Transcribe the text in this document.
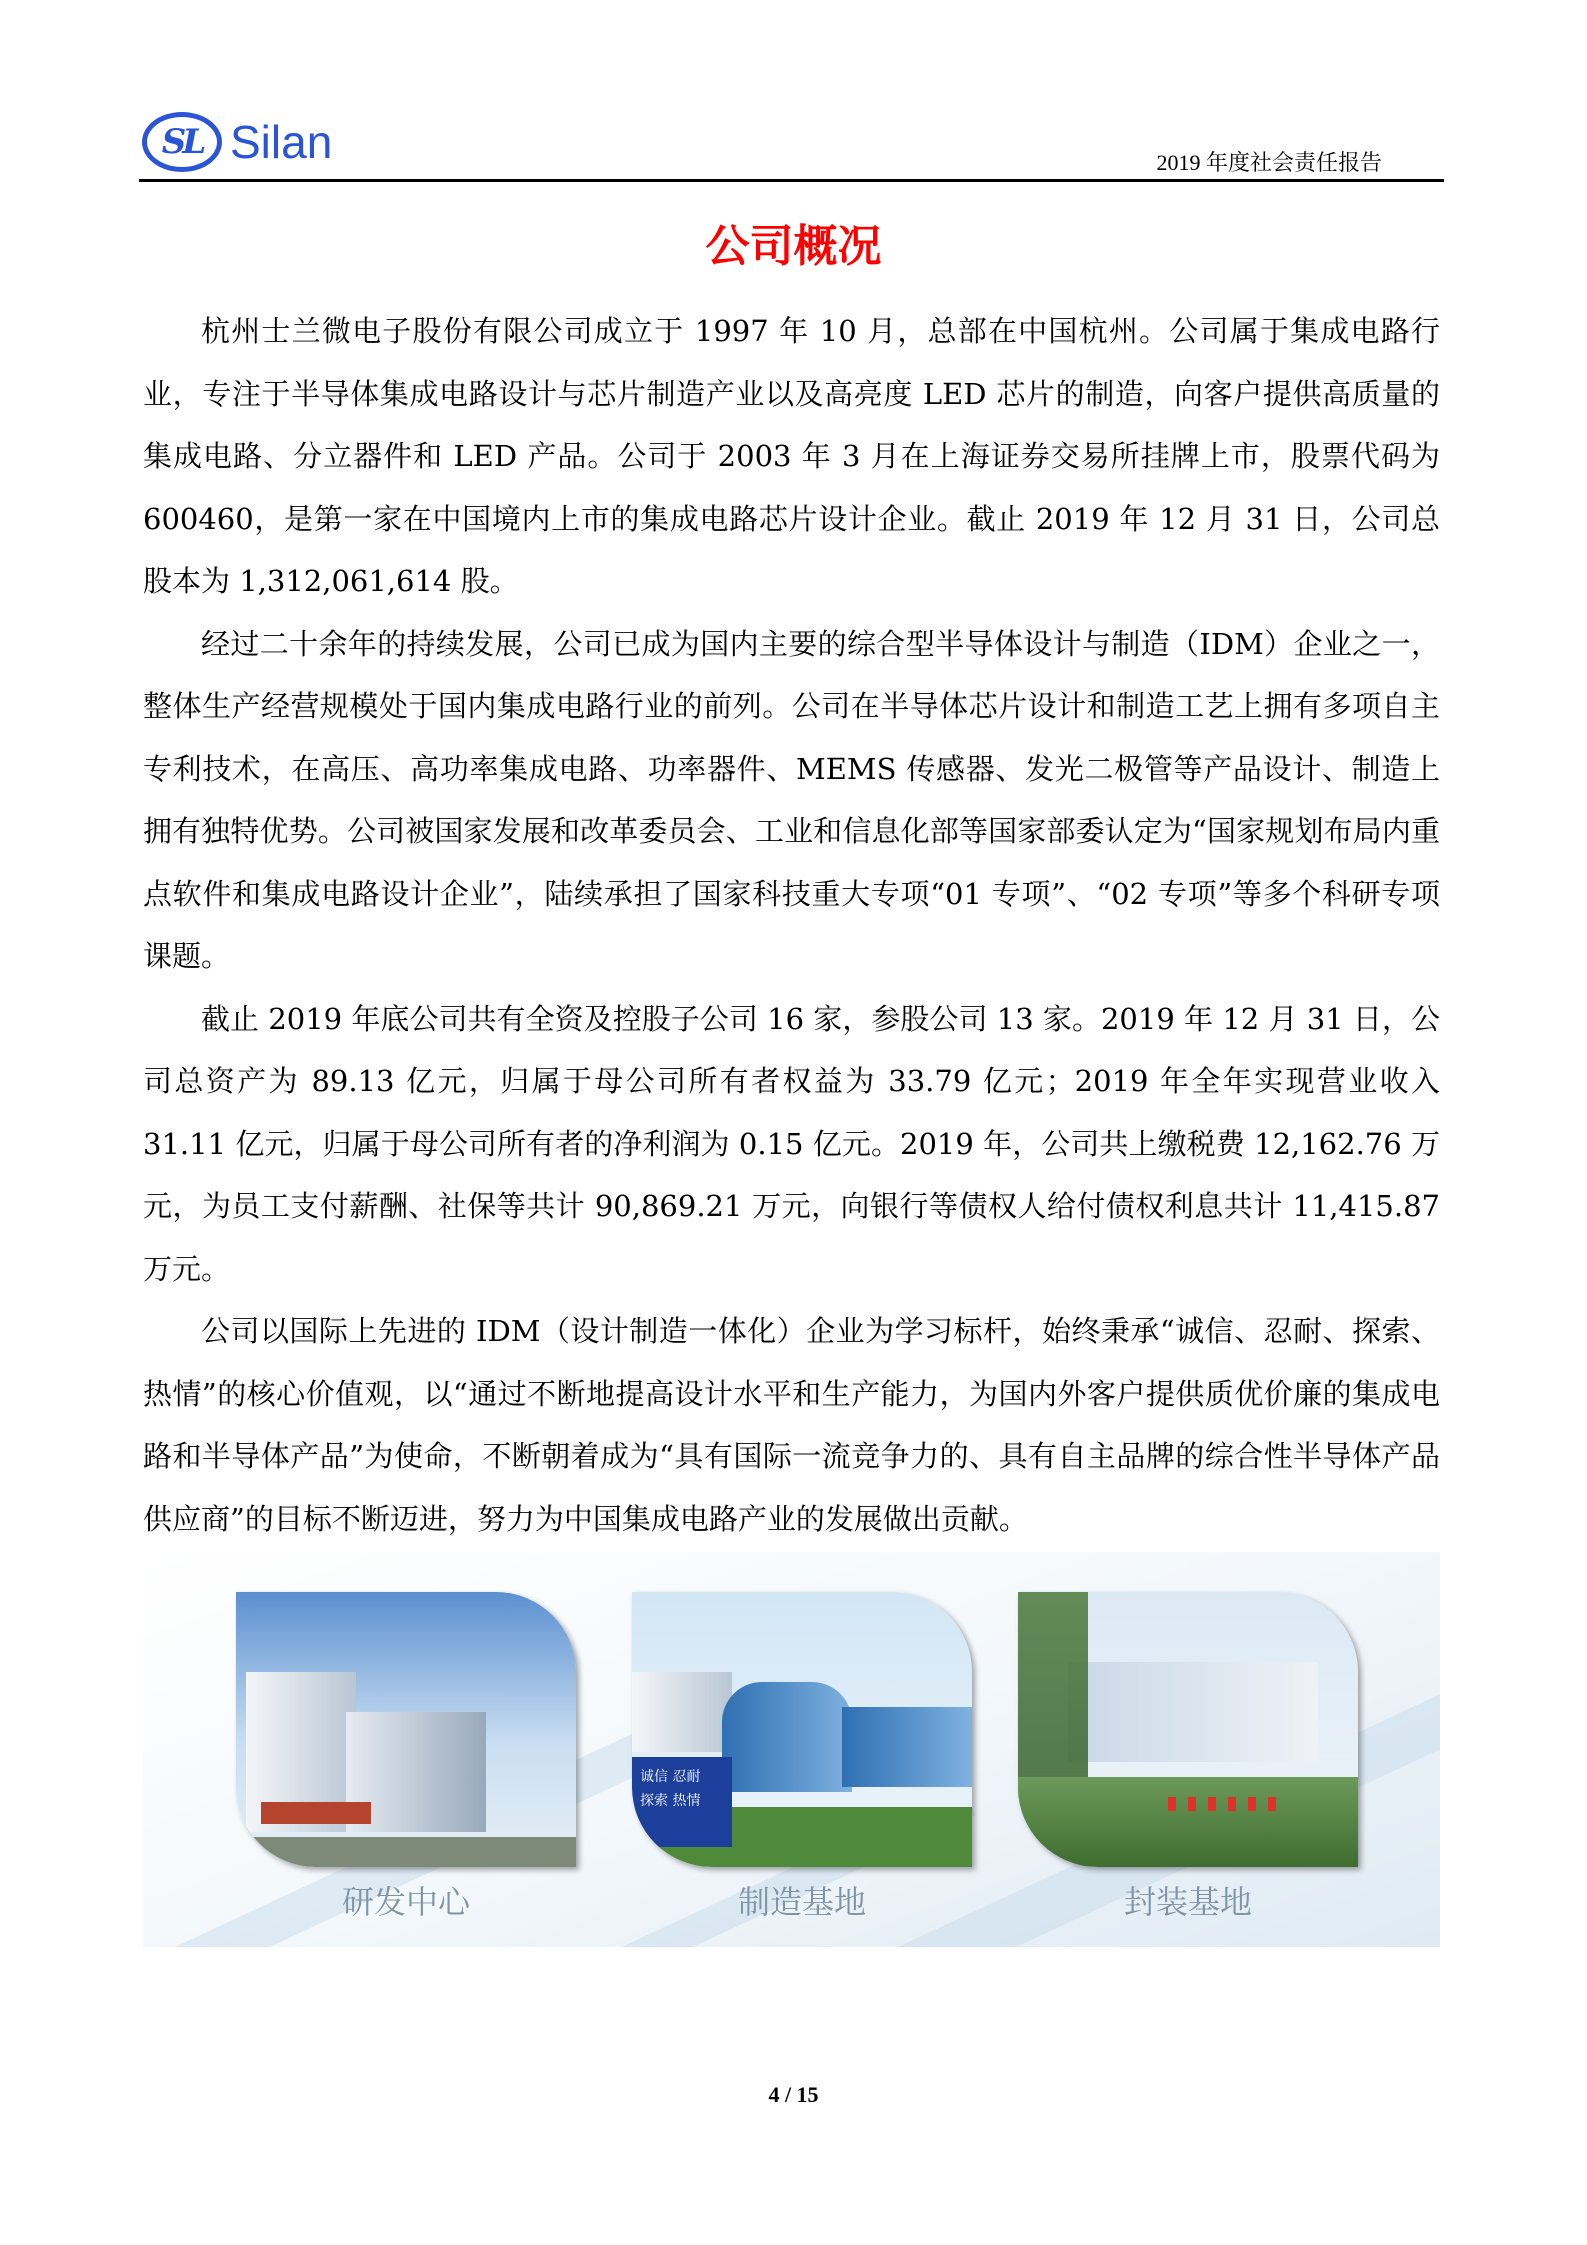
SL Silan	2019 年度社会责任报告
公司概况

杭州士兰微电子股份有限公司成立于 1997 年 10 月，总部在中国杭州。公司属于集成电路行业，专注于半导体集成电路设计与芯片制造产业以及高亮度 LED 芯片的制造，向客户提供高质量的集成电路、分立器件和 LED 产品。公司于 2003 年 3 月在上海证券交易所挂牌上市，股票代码为 600460，是第一家在中国境内上市的集成电路芯片设计企业。截止 2019 年 12 月 31 日，公司总股本为 1,312,061,614 股。

经过二十余年的持续发展，公司已成为国内主要的综合型半导体设计与制造（IDM）企业之一，整体生产经营规模处于国内集成电路行业的前列。公司在半导体芯片设计和制造工艺上拥有多项自主专利技术，在高压、高功率集成电路、功率器件、MEMS 传感器、发光二极管等产品设计、制造上拥有独特优势。公司被国家发展和改革委员会、工业和信息化部等国家部委认定为“国家规划布局内重点软件和集成电路设计企业”，陆续承担了国家科技重大专项“01 专项”、“02 专项”等多个科研专项课题。

截止 2019 年底公司共有全资及控股子公司 16 家，参股公司 13 家。2019 年 12 月 31 日，公司总资产为 89.13 亿元，归属于母公司所有者权益为 33.79 亿元；2019 年全年实现营业收入 31.11 亿元，归属于母公司所有者的净利润为 0.15 亿元。2019 年，公司共上缴税费 12,162.76 万元，为员工支付薪酬、社保等共计 90,869.21 万元，向银行等债权人给付债权利息共计 11,415.87 万元。

公司以国际上先进的 IDM（设计制造一体化）企业为学习标杆，始终秉承“诚信、忍耐、探索、热情”的核心价值观，以“通过不断地提高设计水平和生产能力，为国内外客户提供质优价廉的集成电路和半导体产品”为使命，不断朝着成为“具有国际一流竞争力的、具有自主品牌的综合性半导体产品供应商”的目标不断迈进，努力为中国集成电路产业的发展做出贡献。

诚信 忍耐
探索 热情
研发中心	制造基地	封装基地
4 / 15
